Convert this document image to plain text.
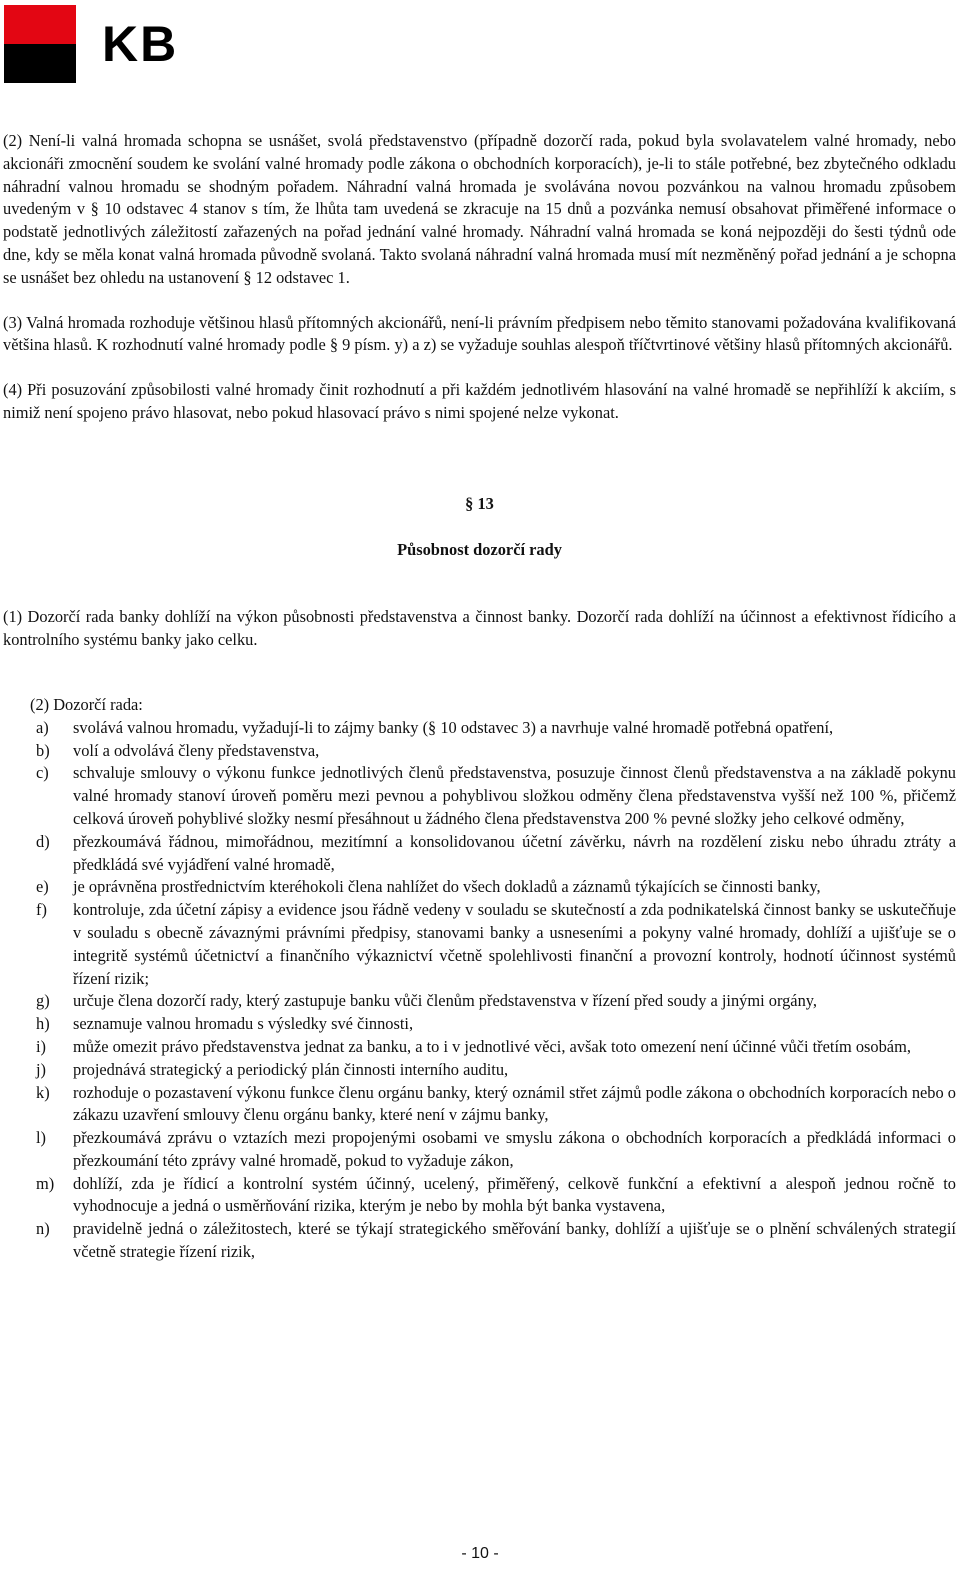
KB

(2) Není-li valná hromada schopna se usnášet, svolá představenstvo (případně dozorčí rada, pokud byla svolavatelem valné hromady, nebo akcionáři zmocnění soudem ke svolání valné hromady podle zákona o obchodních korporacích), je-li to stále potřebné, bez zbytečného odkladu náhradní valnou hromadu se shodným pořadem. Náhradní valná hromada je svolávána novou pozvánkou na valnou hromadu způsobem uvedeným v § 10 odstavec 4 stanov s tím, že lhůta tam uvedená se zkracuje na 15 dnů a pozvánka nemusí obsahovat přiměřené informace o podstatě jednotlivých záležitostí zařazených na pořad jednání valné hromady. Náhradní valná hromada se koná nejpozději do šesti týdnů ode dne, kdy se měla konat valná hromada původně svolaná. Takto svolaná náhradní valná hromada musí mít nezměněný pořad jednání a je schopna se usnášet bez ohledu na ustanovení § 12 odstavec 1.

(3) Valná hromada rozhoduje většinou hlasů přítomných akcionářů, není-li právním předpisem nebo těmito stanovami požadována kvalifikovaná většina hlasů. K rozhodnutí valné hromady podle § 9 písm. y) a z) se vyžaduje souhlas alespoň tříčtvrtinové většiny hlasů přítomných akcionářů.

(4) Při posuzování způsobilosti valné hromady činit rozhodnutí a při každém jednotlivém hlasování na valné hromadě se nepřihlíží k akciím, s nimiž není spojeno právo hlasovat, nebo pokud hlasovací právo s nimi spojené nelze vykonat.

§ 13
Působnost dozorčí rady

(1) Dozorčí rada banky dohlíží na výkon působnosti představenstva a činnost banky. Dozorčí rada dohlíží na účinnost a efektivnost řídicího a kontrolního systému banky jako celku.

(2) Dozorčí rada:
a)	svolává valnou hromadu, vyžadují-li to zájmy banky (§ 10 odstavec 3) a navrhuje valné hromadě potřebná opatření,
b)	volí a odvolává členy představenstva,
c)	schvaluje smlouvy o výkonu funkce jednotlivých členů představenstva, posuzuje činnost členů představenstva a na základě pokynu valné hromady stanoví úroveň poměru mezi pevnou a pohyblivou složkou odměny člena představenstva vyšší než 100 %, přičemž celková úroveň pohyblivé složky nesmí přesáhnout u žádného člena představenstva 200 % pevné složky jeho celkové odměny,
d)	přezkoumává řádnou, mimořádnou, mezitímní a konsolidovanou účetní závěrku, návrh na rozdělení zisku nebo úhradu ztráty a předkládá své vyjádření valné hromadě,
e)	je oprávněna prostřednictvím kteréhokoli člena nahlížet do všech dokladů a záznamů týkajících se činnosti banky,
f)	kontroluje, zda účetní zápisy a evidence jsou řádně vedeny v souladu se skutečností a zda podnikatelská činnost banky se uskutečňuje v souladu s obecně závaznými právními předpisy, stanovami banky a usneseními a pokyny valné hromady, dohlíží a ujišťuje se o integritě systémů účetnictví a finančního výkaznictví včetně spolehlivosti finanční a provozní kontroly, hodnotí účinnost systémů řízení rizik;
g)	určuje člena dozorčí rady, který zastupuje banku vůči členům představenstva v řízení před soudy a jinými orgány,
h)	seznamuje valnou hromadu s výsledky své činnosti,
i)	může omezit právo představenstva jednat za banku, a to i v jednotlivé věci, avšak toto omezení není účinné vůči třetím osobám,
j)	projednává strategický a periodický plán činnosti interního auditu,
k)	rozhoduje o pozastavení výkonu funkce členu orgánu banky, který oznámil střet zájmů podle zákona o obchodních korporacích nebo o zákazu uzavření smlouvy členu orgánu banky, které není v zájmu banky,
l)	přezkoumává zprávu o vztazích mezi propojenými osobami ve smyslu zákona o obchodních korporacích a předkládá informaci o přezkoumání této zprávy valné hromadě, pokud to vyžaduje zákon,
m)	dohlíží, zda je řídicí a kontrolní systém účinný, ucelený, přiměřený, celkově funkční a efektivní a alespoň jednou ročně to vyhodnocuje a jedná o usměrňování rizika, kterým je nebo by mohla být banka vystavena,
n)	pravidelně jedná o záležitostech, které se týkají strategického směřování banky, dohlíží a ujišťuje se o plnění schválených strategií včetně strategie řízení rizik,
- 10 -
